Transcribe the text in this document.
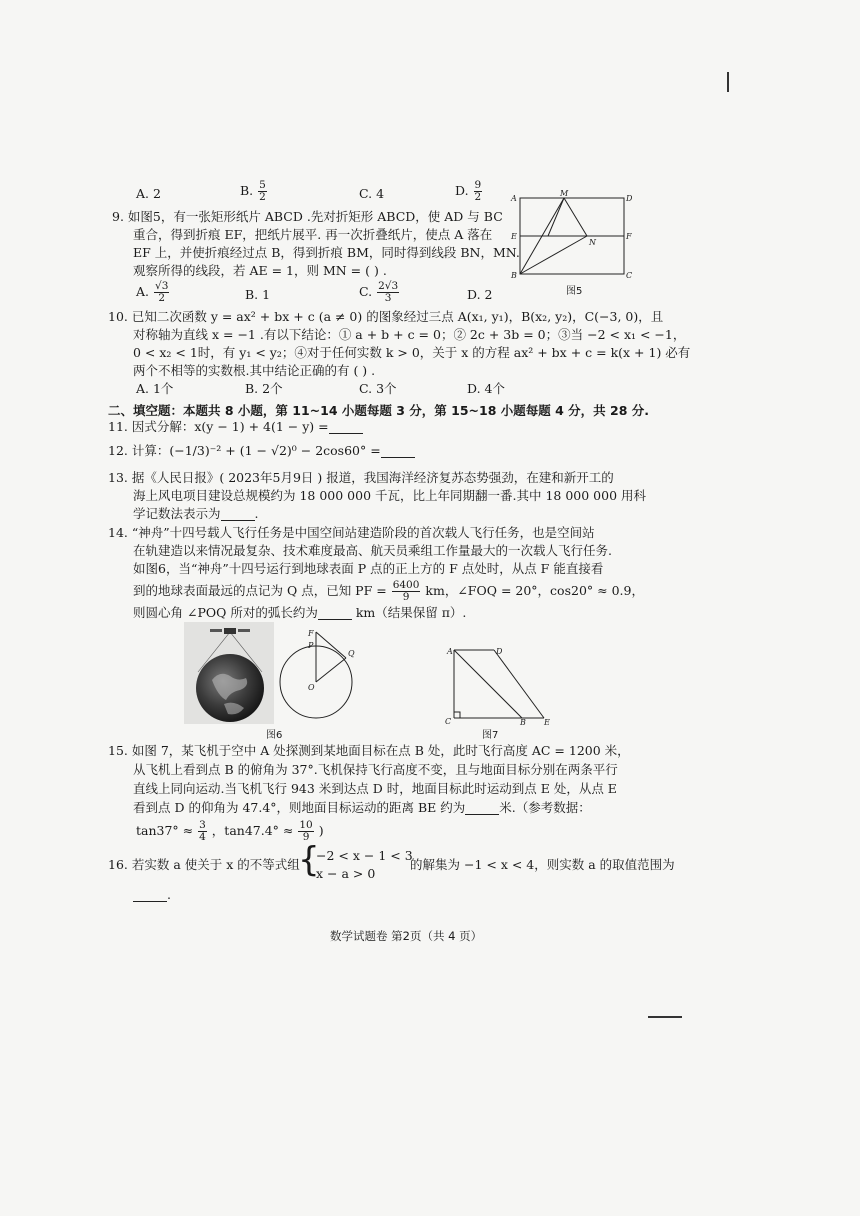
A. 2	B. $\frac{5}{2}$	C. 4	D. $\frac{9}{2}$
9. 如图5，有一张矩形纸片 ABCD .先对折矩形 ABCD，使 AD 与 BC
重合，得到折痕 EF，把纸片展平. 再一次折叠纸片，使点 A 落在
EF 上，并使折痕经过点 B，得到折痕 BM，同时得到线段 BN，MN.
观察所得的线段，若 AE = 1，则 MN = ( ) .
A. $\frac{√3}{2}$	B. 1	C. $\frac{2√3}{3}$	D. 2
A
M
D
E
N
F
B	C
图5
10. 已知二次函数 y = ax² + bx + c (a ≠ 0) 的图象经过三点 A(x₁, y₁)，B(x₂, y₂)，C(−3, 0)，且
对称轴为直线 x = −1 .有以下结论：① a + b + c = 0；② 2c + 3b = 0；③当 −2 < x₁ < −1，
0 < x₂ < 1时，有 y₁ < y₂；④对于任何实数 k > 0，关于 x 的方程 ax² + bx + c = k(x + 1) 必有
两个不相等的实数根.其中结论正确的有 ( ) .
A. 1个	B. 2个	C. 3个	D. 4个
二、填空题：本题共 8 小题，第 11~14 小题每题 3 分，第 15~18 小题每题 4 分，共 28 分.
11. 因式分解：x(y − 1) + 4(1 − y) =
12. 计算：(−1/3)⁻² + (1 − √2)⁰ − 2cos60° =
13. 据《人民日报》( 2023年5月9日 ) 报道，我国海洋经济复苏态势强劲，在建和新开工的
海上风电项目建设总规模约为 18 000 000 千瓦，比上年同期翻一番.其中 18 000 000 用科
学记数法表示为	.
14. “神舟”十四号载人飞行任务是中国空间站建造阶段的首次载人飞行任务，也是空间站
在轨建造以来情况最复杂、技术难度最高、航天员乘组工作量最大的一次载人飞行任务.
如图6，当“神舟”十四号运行到地球表面 P 点的正上方的 F 点处时，从点 F 能直接看
到的地球表面最远的点记为 Q 点，已知 PF = $\frac{6400}{9}$ km，∠FOQ = 20°，cos20° ≈ 0.9，
则圆心角 ∠POQ 所对的弧长约为	km（结果保留 π）.
F
P
Q
O
图6
A	D
C	B E
图7
15. 如图 7，某飞机于空中 A 处探测到某地面目标在点 B 处，此时飞行高度 AC = 1200 米，
从飞机上看到点 B 的俯角为 37°.飞机保持飞行高度不变，且与地面目标分别在两条平行
直线上同向运动.当飞机飞行 943 米到达点 D 时，地面目标此时运动到点 E 处，从点 E
看到点 D 的仰角为 47.4°，则地面目标运动的距离 BE 约为	米.（参考数据：
$\tan 37^\circ \approx \frac{3}{4}$ ，$\tan 47.4^\circ \approx \frac{10}{9}$ )
16. 若实数 a 使关于 x 的不等式组
{
−2 < x − 1 < 3
x − a > 0
的解集为 −1 < x < 4，则实数 a 的取值范围为
.
数学试题卷 第2页（共 4 页）
